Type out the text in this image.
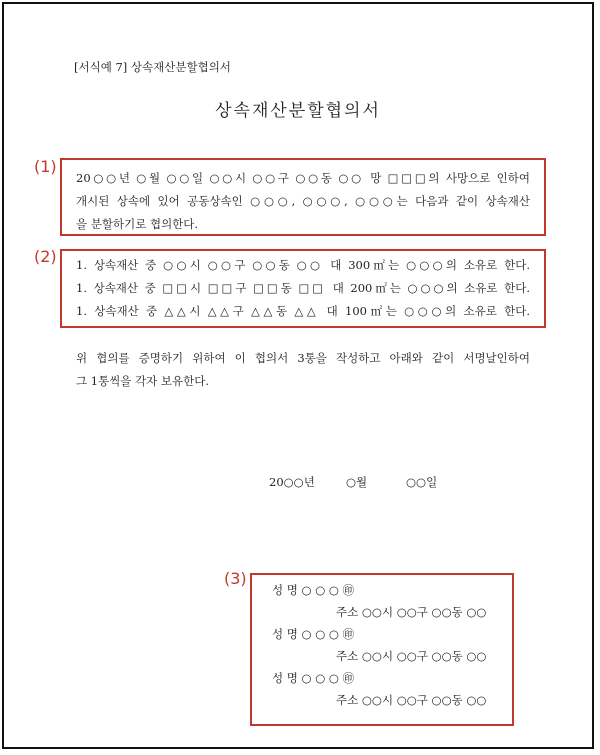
[서식예 7] 상속재산분할협의서
상속재산분할협의서
(1)
(2)
(3)
20○○년 ○월 ○○일 ○○시 ○○구 ○○동 ○○ 망 □□□의 사망으로 인하여
개시된 상속에 있어 공동상속인 ○○○, ○○○, ○○○는 다음과 같이 상속재산
을 분할하기로 협의한다.
1. 상속재산 중 ○○시 ○○구 ○○동 ○○ 대 300㎡는 ○○○의 소유로 한다.
1. 상속재산 중 □□시 □□구 □□동 □□ 대 200㎡는 ○○○의 소유로 한다.
1. 상속재산 중 △△시 △△구 △△동 △△ 대 100㎡는 ○○○의 소유로 한다.
위 협의를 증명하기 위하여 이 협의서 3통을 작성하고 아래와 같이 서명날인하여
그 1통씩을 각자 보유한다.
20○○년	○월	○○일
성 명 ○ ○ ○ ㊞
주소 ○○시 ○○구 ○○동 ○○
성 명 ○ ○ ○ ㊞
주소 ○○시 ○○구 ○○동 ○○
성 명 ○ ○ ○ ㊞
주소 ○○시 ○○구 ○○동 ○○
